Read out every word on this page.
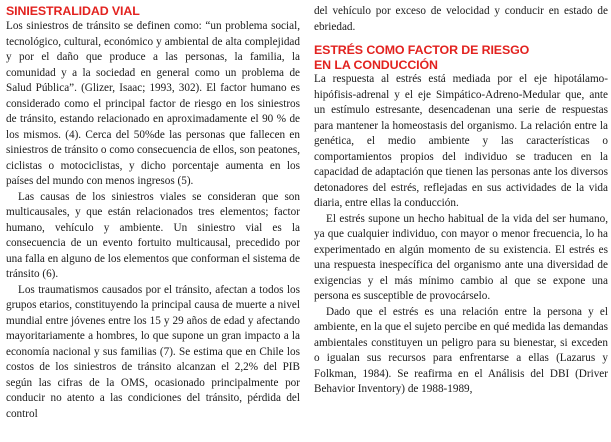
SINIESTRALIDAD VIAL

Los siniestros de tránsito se definen como: “un problema social, tecnológico, cultural, económico y ambiental de alta complejidad y por el daño que produce a las personas, la familia, la comunidad y a la sociedad en general como un problema de Salud Pública”. (Glizer, Isaac; 1993, 302). El factor humano es considerado como el principal factor de riesgo en los siniestros de tránsito, estando relacionado en aproximadamente el 90 % de los mismos. (4). Cerca del 50%de las personas que fallecen en siniestros de tránsito o como consecuencia de ellos, son peatones, ciclistas o motociclistas, y dicho porcentaje aumenta en los países del mundo con menos ingresos (5).

Las causas de los siniestros viales se consideran que son multicausales, y que están relacionados tres elementos; factor humano, vehículo y ambiente. Un siniestro vial es la consecuencia de un evento fortuito multicausal, precedido por una falla en alguno de los elementos que conforman el sistema de tránsito (6).

Los traumatismos causados por el tránsito, afectan a todos los grupos etarios, constituyendo la principal causa de muerte a nivel mundial entre jóvenes entre los 15 y 29 años de edad y afectando mayoritariamente a hombres, lo que supone un gran impacto a la economía nacional y sus familias (7). Se estima que en Chile los costos de los siniestros de tránsito alcanzan el 2,2% del PIB según las cifras de la OMS, ocasionado principalmente por conducir no atento a las condiciones del tránsito, pérdida del control

del vehículo por exceso de velocidad y conducir en estado de ebriedad.

ESTRÉS COMO FACTOR DE RIESGO
EN LA CONDUCCIÓN

La respuesta al estrés está mediada por el eje hipotálamo-hipófisis-adrenal y el eje Simpático-Adreno-Medular que, ante un estímulo estresante, desencadenan una serie de respuestas para mantener la homeostasis del organismo. La relación entre la genética, el medio ambiente y las características o comportamientos propios del individuo se traducen en la capacidad de adaptación que tienen las personas ante los diversos detonadores del estrés, reflejadas en sus actividades de la vida diaria, entre ellas la conducción.

El estrés supone un hecho habitual de la vida del ser humano, ya que cualquier individuo, con mayor o menor frecuencia, lo ha experimentado en algún momento de su existencia. El estrés es una respuesta inespecífica del organismo ante una diversidad de exigencias y el más mínimo cambio al que se expone una persona es susceptible de provocárselo.

Dado que el estrés es una relación entre la persona y el ambiente, en la que el sujeto percibe en qué medida las demandas ambientales constituyen un peligro para su bienestar, si exceden o igualan sus recursos para enfrentarse a ellas (Lazarus y Folkman, 1984). Se reafirma en el Análisis del DBI (Driver Behavior Inventory) de 1988-1989,
